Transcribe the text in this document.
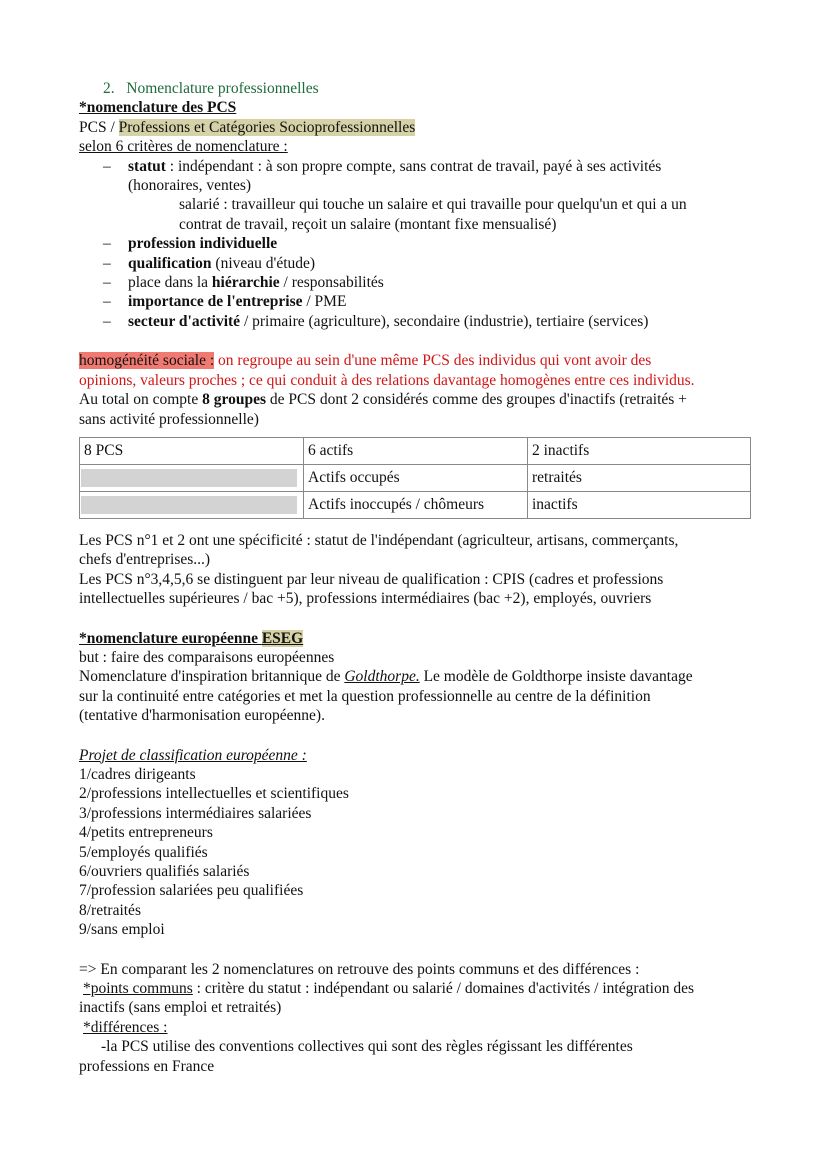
2. Nomenclature professionnelles
*nomenclature des PCS
PCS / Professions et Catégories Socioprofessionnelles
selon 6 critères de nomenclature :
– statut : indépendant : à son propre compte, sans contrat de travail, payé à ses activités
(honoraires, ventes)
salarié : travailleur qui touche un salaire et qui travaille pour quelqu'un et qui a un
contrat de travail, reçoit un salaire (montant fixe mensualisé)
– profession individuelle
– qualification (niveau d'étude)
– place dans la hiérarchie / responsabilités
– importance de l'entreprise / PME
– secteur d'activité / primaire (agriculture), secondaire (industrie), tertiaire (services)
homogénéité sociale : on regroupe au sein d'une même PCS des individus qui vont avoir des
opinions, valeurs proches ; ce qui conduit à des relations davantage homogènes entre ces individus.
Au total on compte 8 groupes de PCS dont 2 considérés comme des groupes d'inactifs (retraités +
sans activité professionnelle)
8 PCS	6 actifs	2 inactifs

	Actifs occupés	retraités

	Actifs inoccupés / chômeurs	inactifs
Les PCS n°1 et 2 ont une spécificité : statut de l'indépendant (agriculteur, artisans, commerçants,
chefs d'entreprises...)
Les PCS n°3,4,5,6 se distinguent par leur niveau de qualification : CPIS (cadres et professions
intellectuelles supérieures / bac +5), professions intermédiaires (bac +2), employés, ouvriers
*nomenclature européenne ESEG
but : faire des comparaisons européennes
Nomenclature d'inspiration britannique de Goldthorpe. Le modèle de Goldthorpe insiste davantage
sur la continuité entre catégories et met la question professionnelle au centre de la définition
(tentative d'harmonisation européenne).
Projet de classification européenne :
1/cadres dirigeants
2/professions intellectuelles et scientifiques
3/professions intermédiaires salariées
4/petits entrepreneurs
5/employés qualifiés
6/ouvriers qualifiés salariés
7/profession salariées peu qualifiées
8/retraités
9/sans emploi
=> En comparant les 2 nomenclatures on retrouve des points communs et des différences :
*points communs : critère du statut : indépendant ou salarié / domaines d'activités / intégration des
inactifs (sans emploi et retraités)
*différences :
-la PCS utilise des conventions collectives qui sont des règles régissant les différentes
professions en France
